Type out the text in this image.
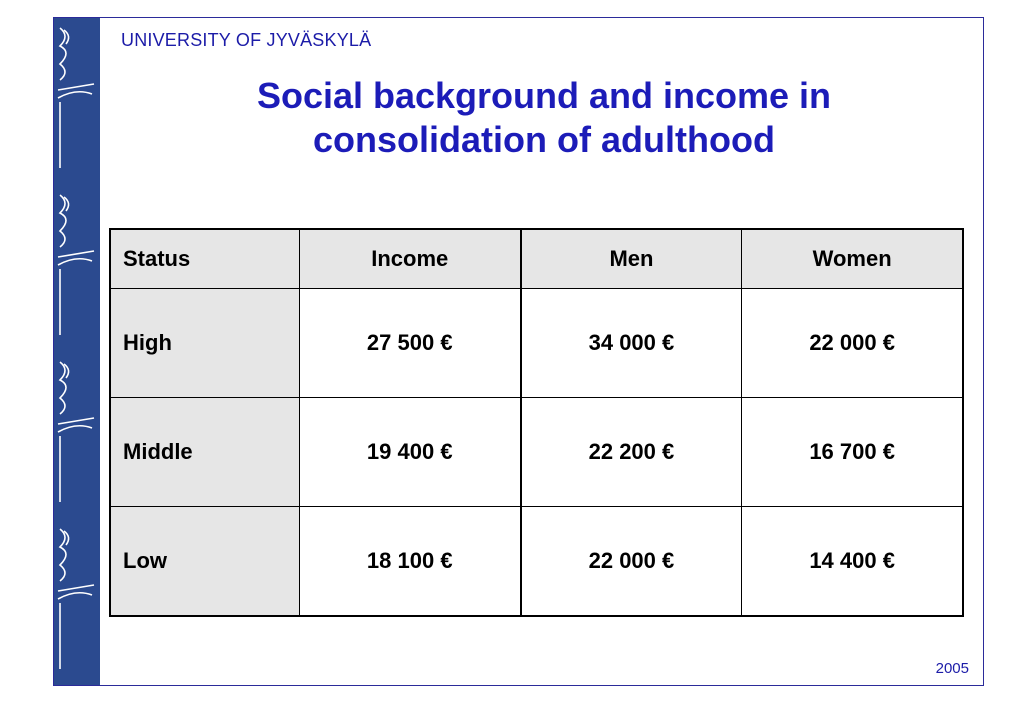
UNIVERSITY OF JYVÄSKYLÄ
Social background and income in
consolidation of adulthood
Status	Income	Men	Women
High	27 500 €	34 000 €	22 000 €
Middle	19 400 €	22 200 €	16 700 €
Low	18 100 €	22 000 €	14 400 €
2005
